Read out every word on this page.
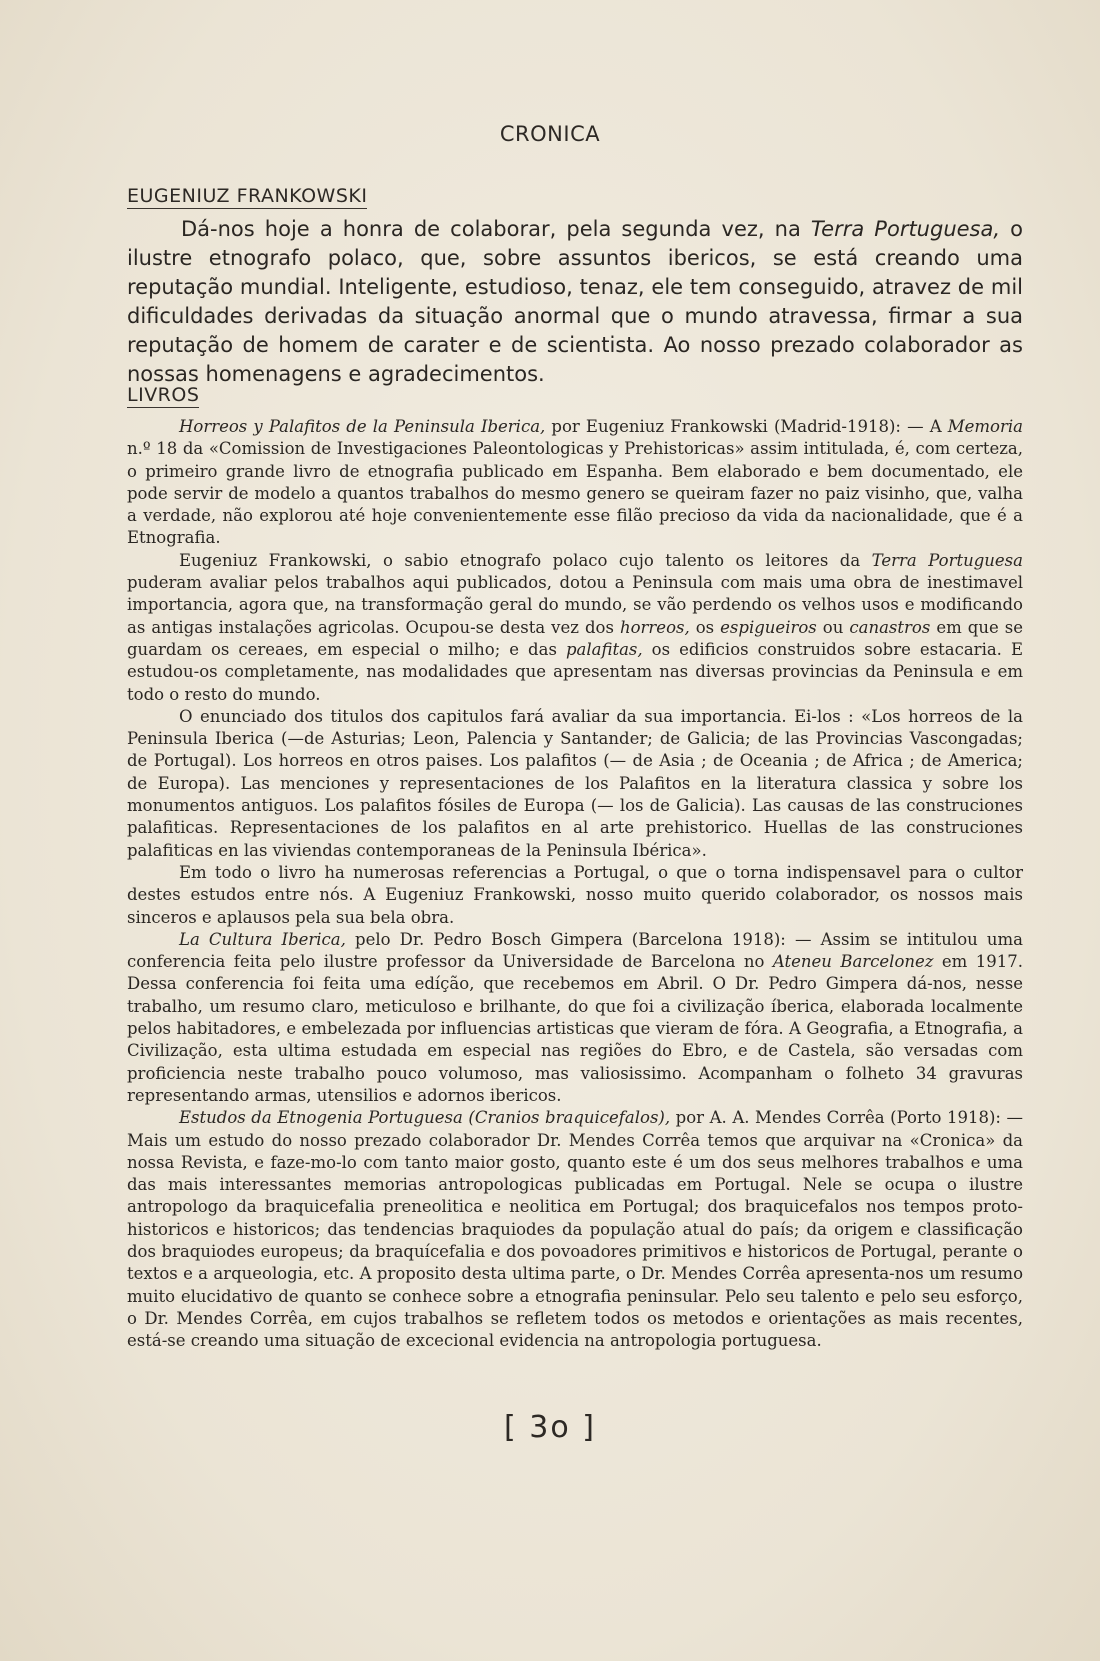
CRONICA
EUGENIUZ FRANKOWSKI

Dá-nos hoje a honra de colaborar, pela segunda vez, na Terra Portuguesa, o ilustre etnografo polaco, que, sobre assuntos ibericos, se está creando uma reputação mundial. Inteligente, estudioso, tenaz, ele tem conseguido, atravez de mil dificuldades derivadas da situação anormal que o mundo atravessa, firmar a sua reputação de homem de carater e de scientista. Ao nosso prezado colaborador as nossas homenagens e agradecimentos.

LIVROS

Horreos y Palafitos de la Peninsula Iberica, por Eugeniuz Frankowski (Madrid-1918): — A Memoria n.º 18 da «Comission de Investigaciones Paleontologicas y Prehistoricas» assim intitulada, é, com certeza, o primeiro grande livro de etnografia publicado em Espanha. Bem elaborado e bem documentado, ele pode servir de modelo a quantos trabalhos do mesmo genero se queiram fazer no paiz visinho, que, valha a verdade, não explorou até hoje convenientemente esse filão precioso da vida da nacionalidade, que é a Etnografia.

Eugeniuz Frankowski, o sabio etnografo polaco cujo talento os leitores da Terra Portuguesa puderam avaliar pelos trabalhos aqui publicados, dotou a Peninsula com mais uma obra de inestimavel importancia, agora que, na transformação geral do mundo, se vão perdendo os velhos usos e modificando as antigas instalações agricolas. Ocupou-se desta vez dos horreos, os espigueiros ou canastros em que se guardam os cereaes, em especial o milho; e das palafitas, os edificios construidos sobre estacaria. E estudou-os completamente, nas modalidades que apresentam nas diversas provincias da Peninsula e em todo o resto do mundo.

O enunciado dos titulos dos capitulos fará avaliar da sua importancia. Ei-los : «Los horreos de la Peninsula Iberica (—de Asturias; Leon, Palencia y Santander; de Galicia; de las Provincias Vascongadas; de Portugal). Los horreos en otros paises. Los palafitos (— de Asia ; de Oceania ; de Africa ; de America; de Europa). Las menciones y representaciones de los Palafitos en la literatura classica y sobre los monumentos antiguos. Los palafitos fósiles de Europa (— los de Galicia). Las causas de las construciones palafiticas. Representaciones de los palafitos en al arte prehistorico. Huellas de las construciones palafiticas en las viviendas contemporaneas de la Peninsula Ibérica».

Em todo o livro ha numerosas referencias a Portugal, o que o torna indispensavel para o cultor destes estudos entre nós. A Eugeniuz Frankowski, nosso muito querido colaborador, os nossos mais sinceros e aplausos pela sua bela obra.

La Cultura Iberica, pelo Dr. Pedro Bosch Gimpera (Barcelona 1918): — Assim se intitulou uma conferencia feita pelo ilustre professor da Universidade de Barcelona no Ateneu Barcelonez em 1917. Dessa conferencia foi feita uma edíção, que recebemos em Abril. O Dr. Pedro Gimpera dá-nos, nesse trabalho, um resumo claro, meticuloso e brilhante, do que foi a civilização íberica, elaborada localmente pelos habitadores, e embelezada por influencias artisticas que vieram de fóra. A Geografia, a Etnografia, a Civilização, esta ultima estudada em especial nas regiões do Ebro, e de Castela, são versadas com proficiencia neste trabalho pouco volumoso, mas valiosissimo. Acompanham o folheto 34 gravuras representando armas, utensilios e adornos ibericos.

Estudos da Etnogenia Portuguesa (Cranios braquicefalos), por A. A. Mendes Corrêa (Porto 1918): — Mais um estudo do nosso prezado colaborador Dr. Mendes Corrêa temos que arquivar na «Cronica» da nossa Revista, e faze-mo-lo com tanto maior gosto, quanto este é um dos seus melhores trabalhos e uma das mais interessantes memorias antropologicas publicadas em Portugal. Nele se ocupa o ilustre antropologo da braquicefalia preneolitica e neolitica em Portugal; dos braquicefalos nos tempos proto-historicos e historicos; das tendencias braquiodes da população atual do país; da origem e classificação dos braquiodes europeus; da braquícefalia e dos povoadores primitivos e historicos de Portugal, perante o textos e a arqueologia, etc. A proposito desta ultima parte, o Dr. Mendes Corrêa apresenta-nos um resumo muito elucidativo de quanto se conhece sobre a etnografia peninsular. Pelo seu talento e pelo seu esforço, o Dr. Mendes Corrêa, em cujos trabalhos se refletem todos os metodos e orientações as mais recentes, está-se creando uma situação de excecional evidencia na antropologia portuguesa.

[ 3o ]
